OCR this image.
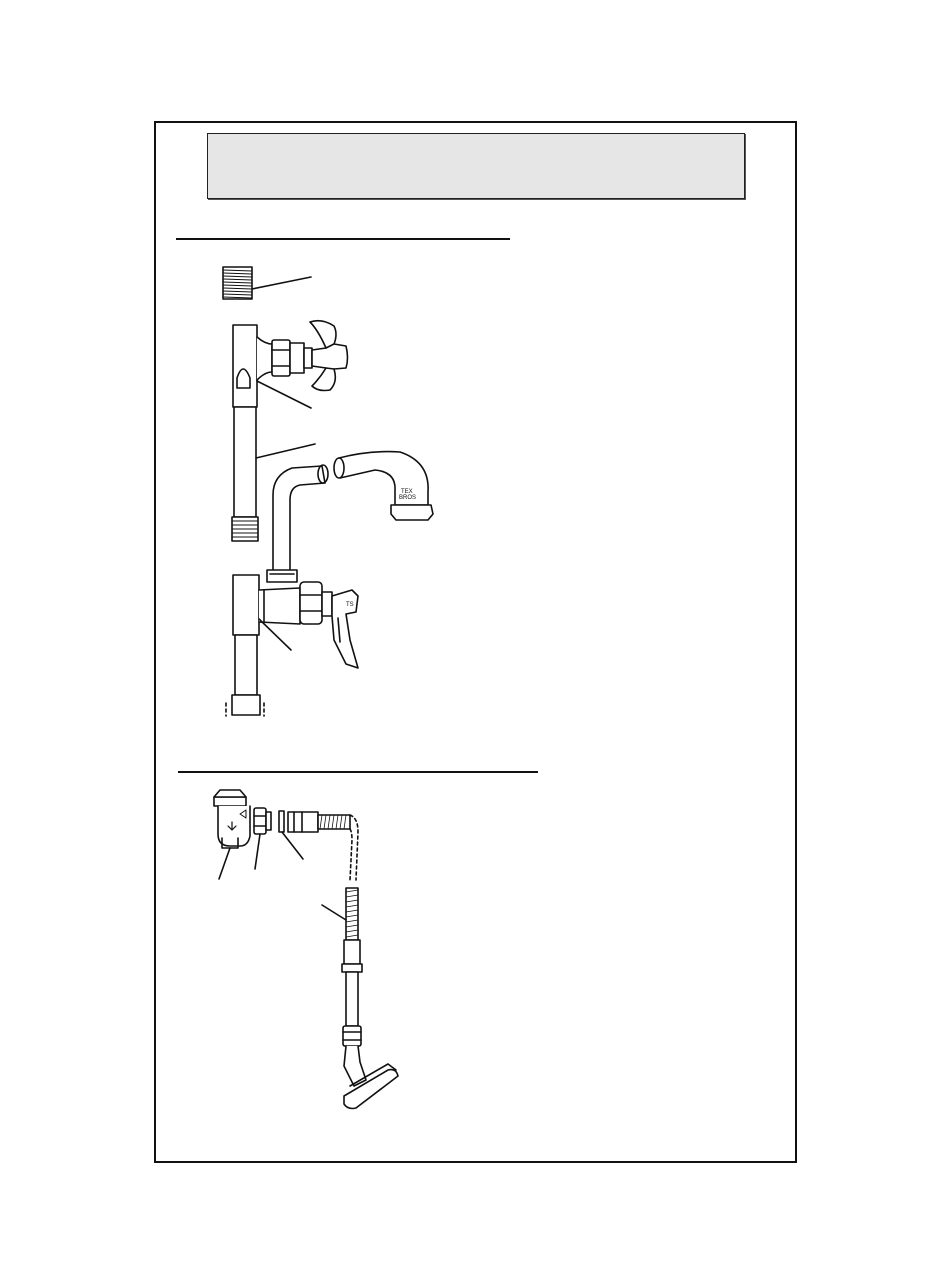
TEX
BROS
TS
